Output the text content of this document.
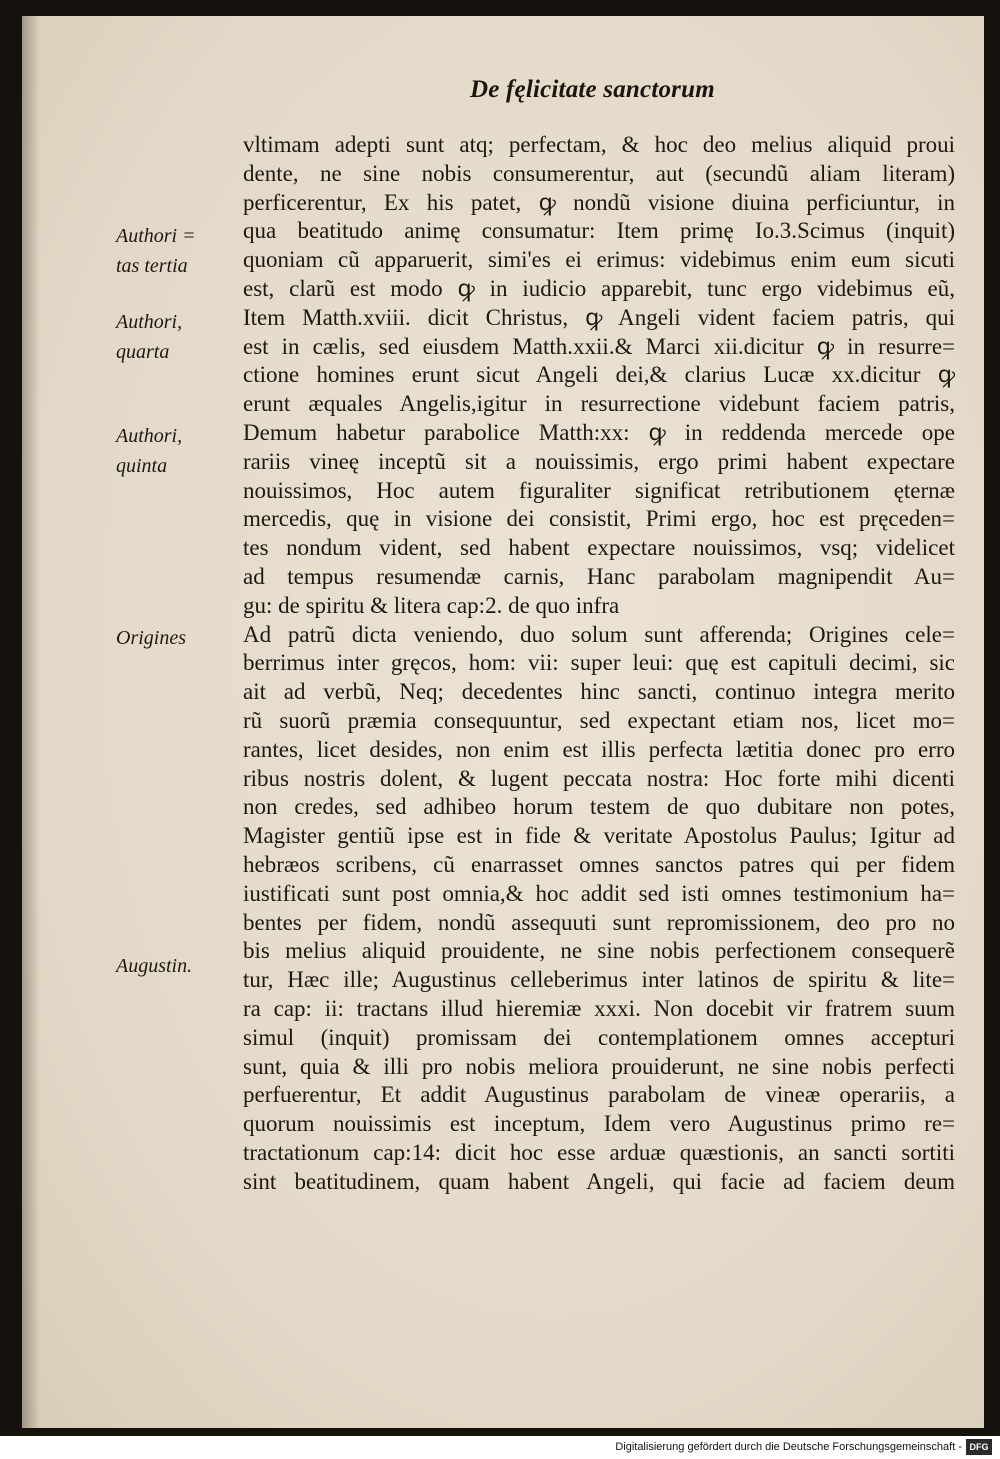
De fęlicitate sanctorum
Authori =
tas tertia
Authori,
quarta
Authori,
quinta
Origines
Augustin.
vltimam adepti sunt atq; perfectam, & hoc deo melius aliquid proui
dente, ne sine nobis consumerentur, aut (secundũ aliam literam)
perficerentur, Ex his patet, ꝙ nondũ visione diuina perficiuntur, in
qua beatitudo animę consumatur: Item primę Io.3.Scimus (inquit)
quoniam cũ apparuerit, simi'es ei erimus: videbimus enim eum sicuti
est, clarũ est modo ꝙ in iudicio apparebit, tunc ergo videbimus eũ,
Item Matth.xviii. dicit Christus, ꝙ Angeli vident faciem patris, qui
est in cælis, sed eiusdem Matth.xxii.& Marci xii.dicitur ꝙ in resurre=
ctione homines erunt sicut Angeli dei,& clarius Lucæ xx.dicitur ꝙ
erunt æquales Angelis,igitur in resurrectione videbunt faciem patris,
Demum habetur parabolice Matth:xx: ꝙ in reddenda mercede ope
rariis vineę inceptũ sit a nouissimis, ergo primi habent expectare
nouissimos, Hoc autem figuraliter significat retributionem ęternæ
mercedis, quę in visione dei consistit, Primi ergo, hoc est pręceden=
tes nondum vident, sed habent expectare nouissimos, vsq; videlicet
ad tempus resumendæ carnis, Hanc parabolam magnipendit Au=
gu: de spiritu & litera cap:2. de quo infra
Ad patrũ dicta veniendo, duo solum sunt afferenda; Origines cele=
berrimus inter gręcos, hom: vii: super leui: quę est capituli decimi, sic
ait ad verbũ, Neq; decedentes hinc sancti, continuo integra merito
rũ suorũ præmia consequuntur, sed expectant etiam nos, licet mo=
rantes, licet desides, non enim est illis perfecta lætitia donec pro erro
ribus nostris dolent, & lugent peccata nostra: Hoc forte mihi dicenti
non credes, sed adhibeo horum testem de quo dubitare non potes,
Magister gentiũ ipse est in fide & veritate Apostolus Paulus; Igitur ad
hebræos scribens, cũ enarrasset omnes sanctos patres qui per fidem
iustificati sunt post omnia,& hoc addit sed isti omnes testimonium ha=
bentes per fidem, nondũ assequuti sunt repromissionem, deo pro no
bis melius aliquid prouidente, ne sine nobis perfectionem consequerẽ
tur, Hæc ille; Augustinus celleberimus inter latinos de spiritu & lite=
ra cap: ii: tractans illud hieremiæ xxxi. Non docebit vir fratrem suum
simul (inquit) promissam dei contemplationem omnes accepturi
sunt, quia & illi pro nobis meliora prouiderunt, ne sine nobis perfecti
perfuerentur, Et addit Augustinus parabolam de vineæ operariis, a
quorum nouissimis est inceptum, Idem vero Augustinus primo re=
tractationum cap:14: dicit hoc esse arduæ quæstionis, an sancti sortiti
sint beatitudinem, quam habent Angeli, qui facie ad faciem deum
Digitalisierung gefördert durch die Deutsche Forschungsgemeinschaft - DFG
